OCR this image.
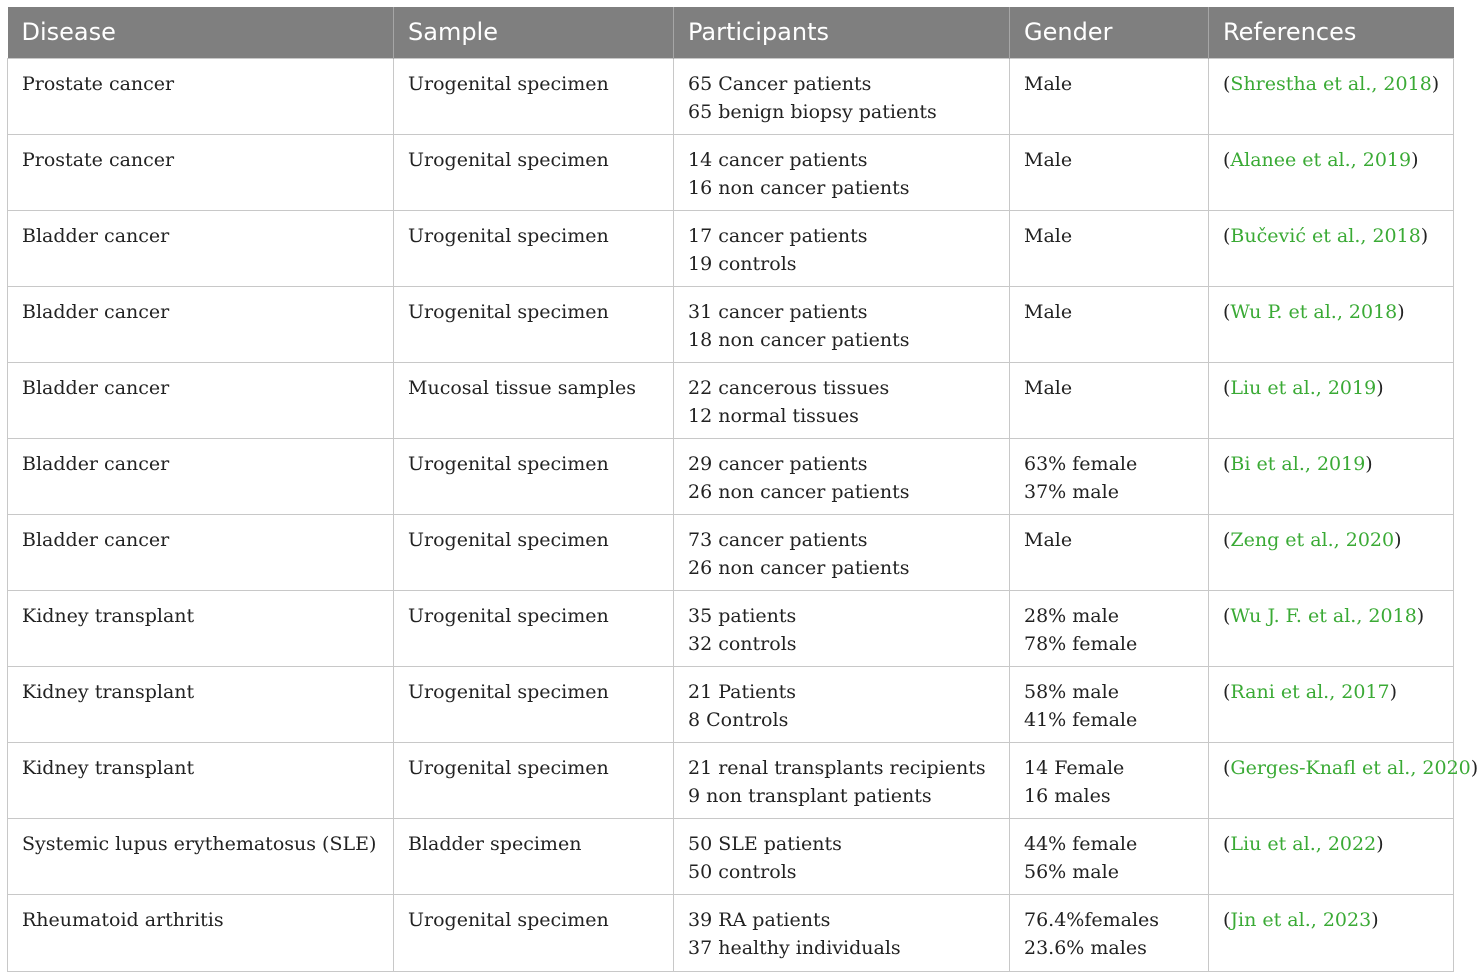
Disease	Sample	Participants	Gender	References

Prostate cancer	Urogenital specimen	65 Cancer patients
65 benign biopsy patients	Male	(Shrestha et al., 2018)

Prostate cancer	Urogenital specimen	14 cancer patients
16 non cancer patients	Male	(Alanee et al., 2019)

Bladder cancer	Urogenital specimen	17 cancer patients
19 controls	Male	(Bučević et al., 2018)

Bladder cancer	Urogenital specimen	31 cancer patients
18 non cancer patients	Male	(Wu P. et al., 2018)

Bladder cancer	Mucosal tissue samples	22 cancerous tissues
12 normal tissues	Male	(Liu et al., 2019)

Bladder cancer	Urogenital specimen	29 cancer patients
26 non cancer patients	63% female
37% male	(Bi et al., 2019)

Bladder cancer	Urogenital specimen	73 cancer patients
26 non cancer patients	Male	(Zeng et al., 2020)

Kidney transplant	Urogenital specimen	35 patients
32 controls	28% male
78% female	(Wu J. F. et al., 2018)

Kidney transplant	Urogenital specimen	21 Patients
8 Controls	58% male
41% female	(Rani et al., 2017)

Kidney transplant	Urogenital specimen	21 renal transplants recipients
9 non transplant patients	14 Female
16 males	(Gerges-Knafl et al., 2020)

Systemic lupus erythematosus (SLE)	Bladder specimen	50 SLE patients
50 controls	44% female
56% male	(Liu et al., 2022)

Rheumatoid arthritis	Urogenital specimen	39 RA patients
37 healthy individuals	76.4%females
23.6% males	(Jin et al., 2023)
